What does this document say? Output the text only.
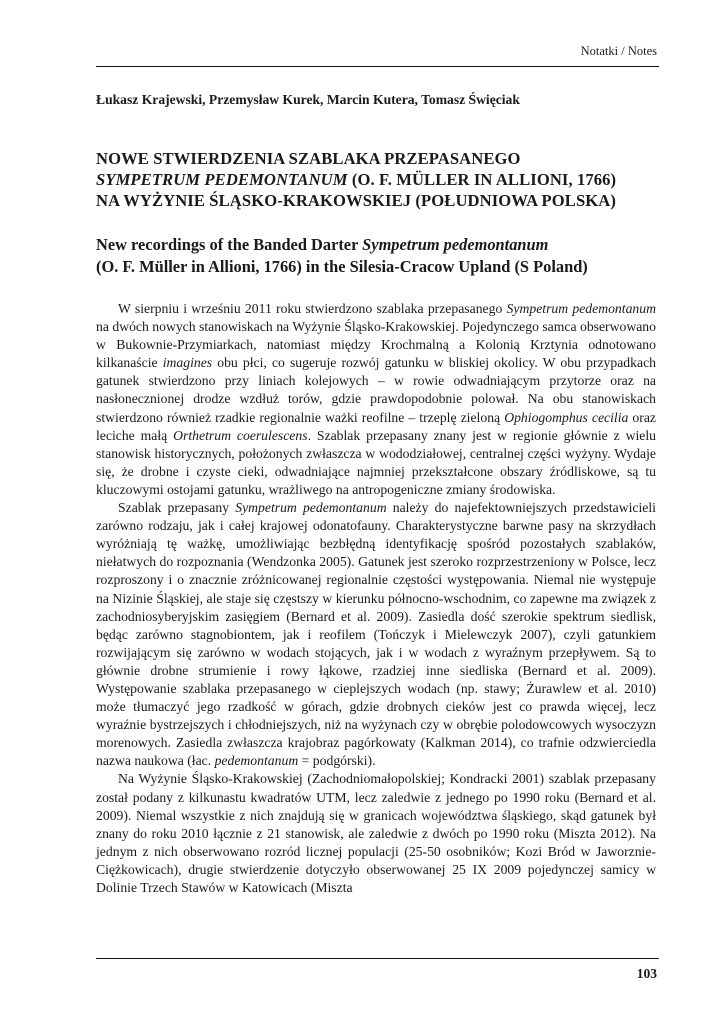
Notatki / Notes
Łukasz Krajewski, Przemysław Kurek, Marcin Kutera, Tomasz Święciak
NOWE STWIERDZENIA SZABLAKA PRZEPASANEGO
SYMPETRUM PEDEMONTANUM (O. F. MÜLLER IN ALLIONI, 1766)
NA WYŻYNIE ŚLĄSKO-KRAKOWSKIEJ (POŁUDNIOWA POLSKA)
New recordings of the Banded Darter Sympetrum pedemontanum
(O. F. Müller in Allioni, 1766) in the Silesia-Cracow Upland (S Poland)

W sierpniu i wrześniu 2011 roku stwierdzono szablaka przepasanego Sympetrum pedemontanum na dwóch nowych stanowiskach na Wyżynie Śląsko-Krakowskiej. Pojedynczego samca obserwowano w Bukownie-Przymiarkach, natomiast między Krochmalną a Kolonią Krztynia odnotowano kilkanaście imagines obu płci, co sugeruje rozwój gatunku w bliskiej okolicy. W obu przypadkach gatunek stwierdzono przy liniach kolejowych – w rowie odwadniającym przytorze oraz na nasłonecznionej drodze wzdłuż torów, gdzie prawdopodobnie polował. Na obu stanowiskach stwierdzono również rzadkie regionalnie ważki reofilne – trzeplę zieloną Ophiogomphus cecilia oraz leciche małą Orthetrum coerulescens. Szablak przepasany znany jest w regionie głównie z wielu stanowisk historycznych, położonych zwłaszcza w wododziałowej, centralnej części wyżyny. Wydaje się, że drobne i czyste cieki, odwadniające najmniej przekształcone obszary źródliskowe, są tu kluczowymi ostojami gatunku, wrażliwego na antropogeniczne zmiany środowiska.

Szablak przepasany Sympetrum pedemontanum należy do najefektowniejszych przedstawicieli zarówno rodzaju, jak i całej krajowej odonatofauny. Charakterystyczne barwne pasy na skrzydłach wyróżniają tę ważkę, umożliwiając bezbłędną identyfikację spośród pozostałych szablaków, niełatwych do rozpoznania (Wendzonka 2005). Gatunek jest szeroko rozprzestrzeniony w Polsce, lecz rozproszony i o znacznie zróżnicowanej regionalnie częstości występowania. Niemal nie występuje na Nizinie Śląskiej, ale staje się częstszy w kierunku północno-wschodnim, co zapewne ma związek z zachodniosyberyjskim zasięgiem (Bernard et al. 2009). Zasiedla dość szerokie spektrum siedlisk, będąc zarówno stagnobiontem, jak i reofilem (Tończyk i Mielewczyk 2007), czyli gatunkiem rozwijającym się zarówno w wodach stojących, jak i w wodach z wyraźnym przepływem. Są to głównie drobne strumienie i rowy łąkowe, rzadziej inne siedliska (Bernard et al. 2009). Występowanie szablaka przepasanego w cieplejszych wodach (np. stawy; Żurawlew et al. 2010) może tłumaczyć jego rzadkość w górach, gdzie drobnych cieków jest co prawda więcej, lecz wyraźnie bystrzejszych i chłodniejszych, niż na wyżynach czy w obrębie polodowcowych wysoczyzn morenowych. Zasiedla zwłaszcza krajobraz pagórkowaty (Kalkman 2014), co trafnie odzwierciedla nazwa naukowa (łac. pedemontanum = podgórski).

Na Wyżynie Śląsko-Krakowskiej (Zachodniomałopolskiej; Kondracki 2001) szablak przepasany został podany z kilkunastu kwadratów UTM, lecz zaledwie z jednego po 1990 roku (Bernard et al. 2009). Niemal wszystkie z nich znajdują się w granicach województwa śląskiego, skąd gatunek był znany do roku 2010 łącznie z 21 stanowisk, ale zaledwie z dwóch po 1990 roku (Miszta 2012). Na jednym z nich obserwowano rozród licznej populacji (25-50 osobników; Kozi Bród w Jaworznie-Ciężkowicach), drugie stwierdzenie dotyczyło obserwowanej 25 IX 2009 pojedynczej samicy w Dolinie Trzech Stawów w Katowicach (Miszta

103
